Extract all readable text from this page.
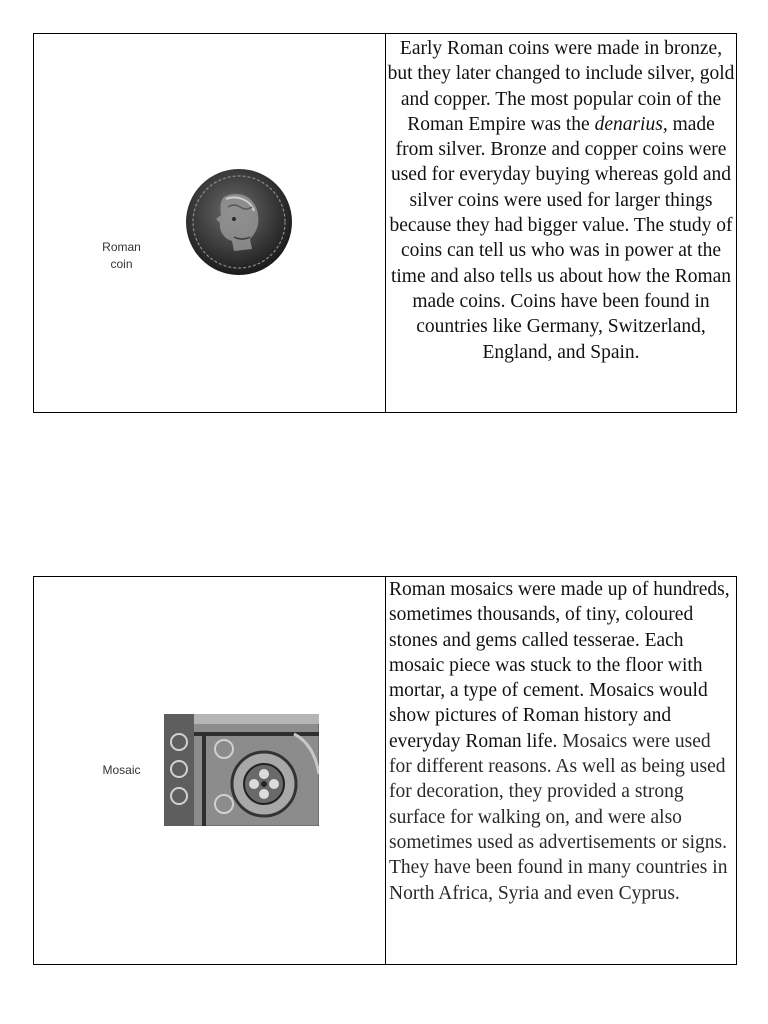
Roman
coin
Early Roman coins were made in bronze, but they later changed to include silver, gold and copper. The most popular coin of the Roman Empire was the denarius, made from silver. Bronze and copper coins were used for everyday buying whereas gold and silver coins were used for larger things because they had bigger value. The study of coins can tell us who was in power at the time and also tells us about how the Roman made coins. Coins have been found in countries like Germany, Switzerland, England, and Spain.
Mosaic
Roman mosaics were made up of hundreds, sometimes thousands, of tiny, coloured stones and gems called tesserae. Each mosaic piece was stuck to the floor with mortar, a type of cement. Mosaics would show pictures of Roman history and everyday Roman life. Mosaics were used for different reasons. As well as being used for decoration, they provided a strong surface for walking on, and were also sometimes used as advertisements or signs. They have been found in many countries in North Africa, Syria and even Cyprus.
